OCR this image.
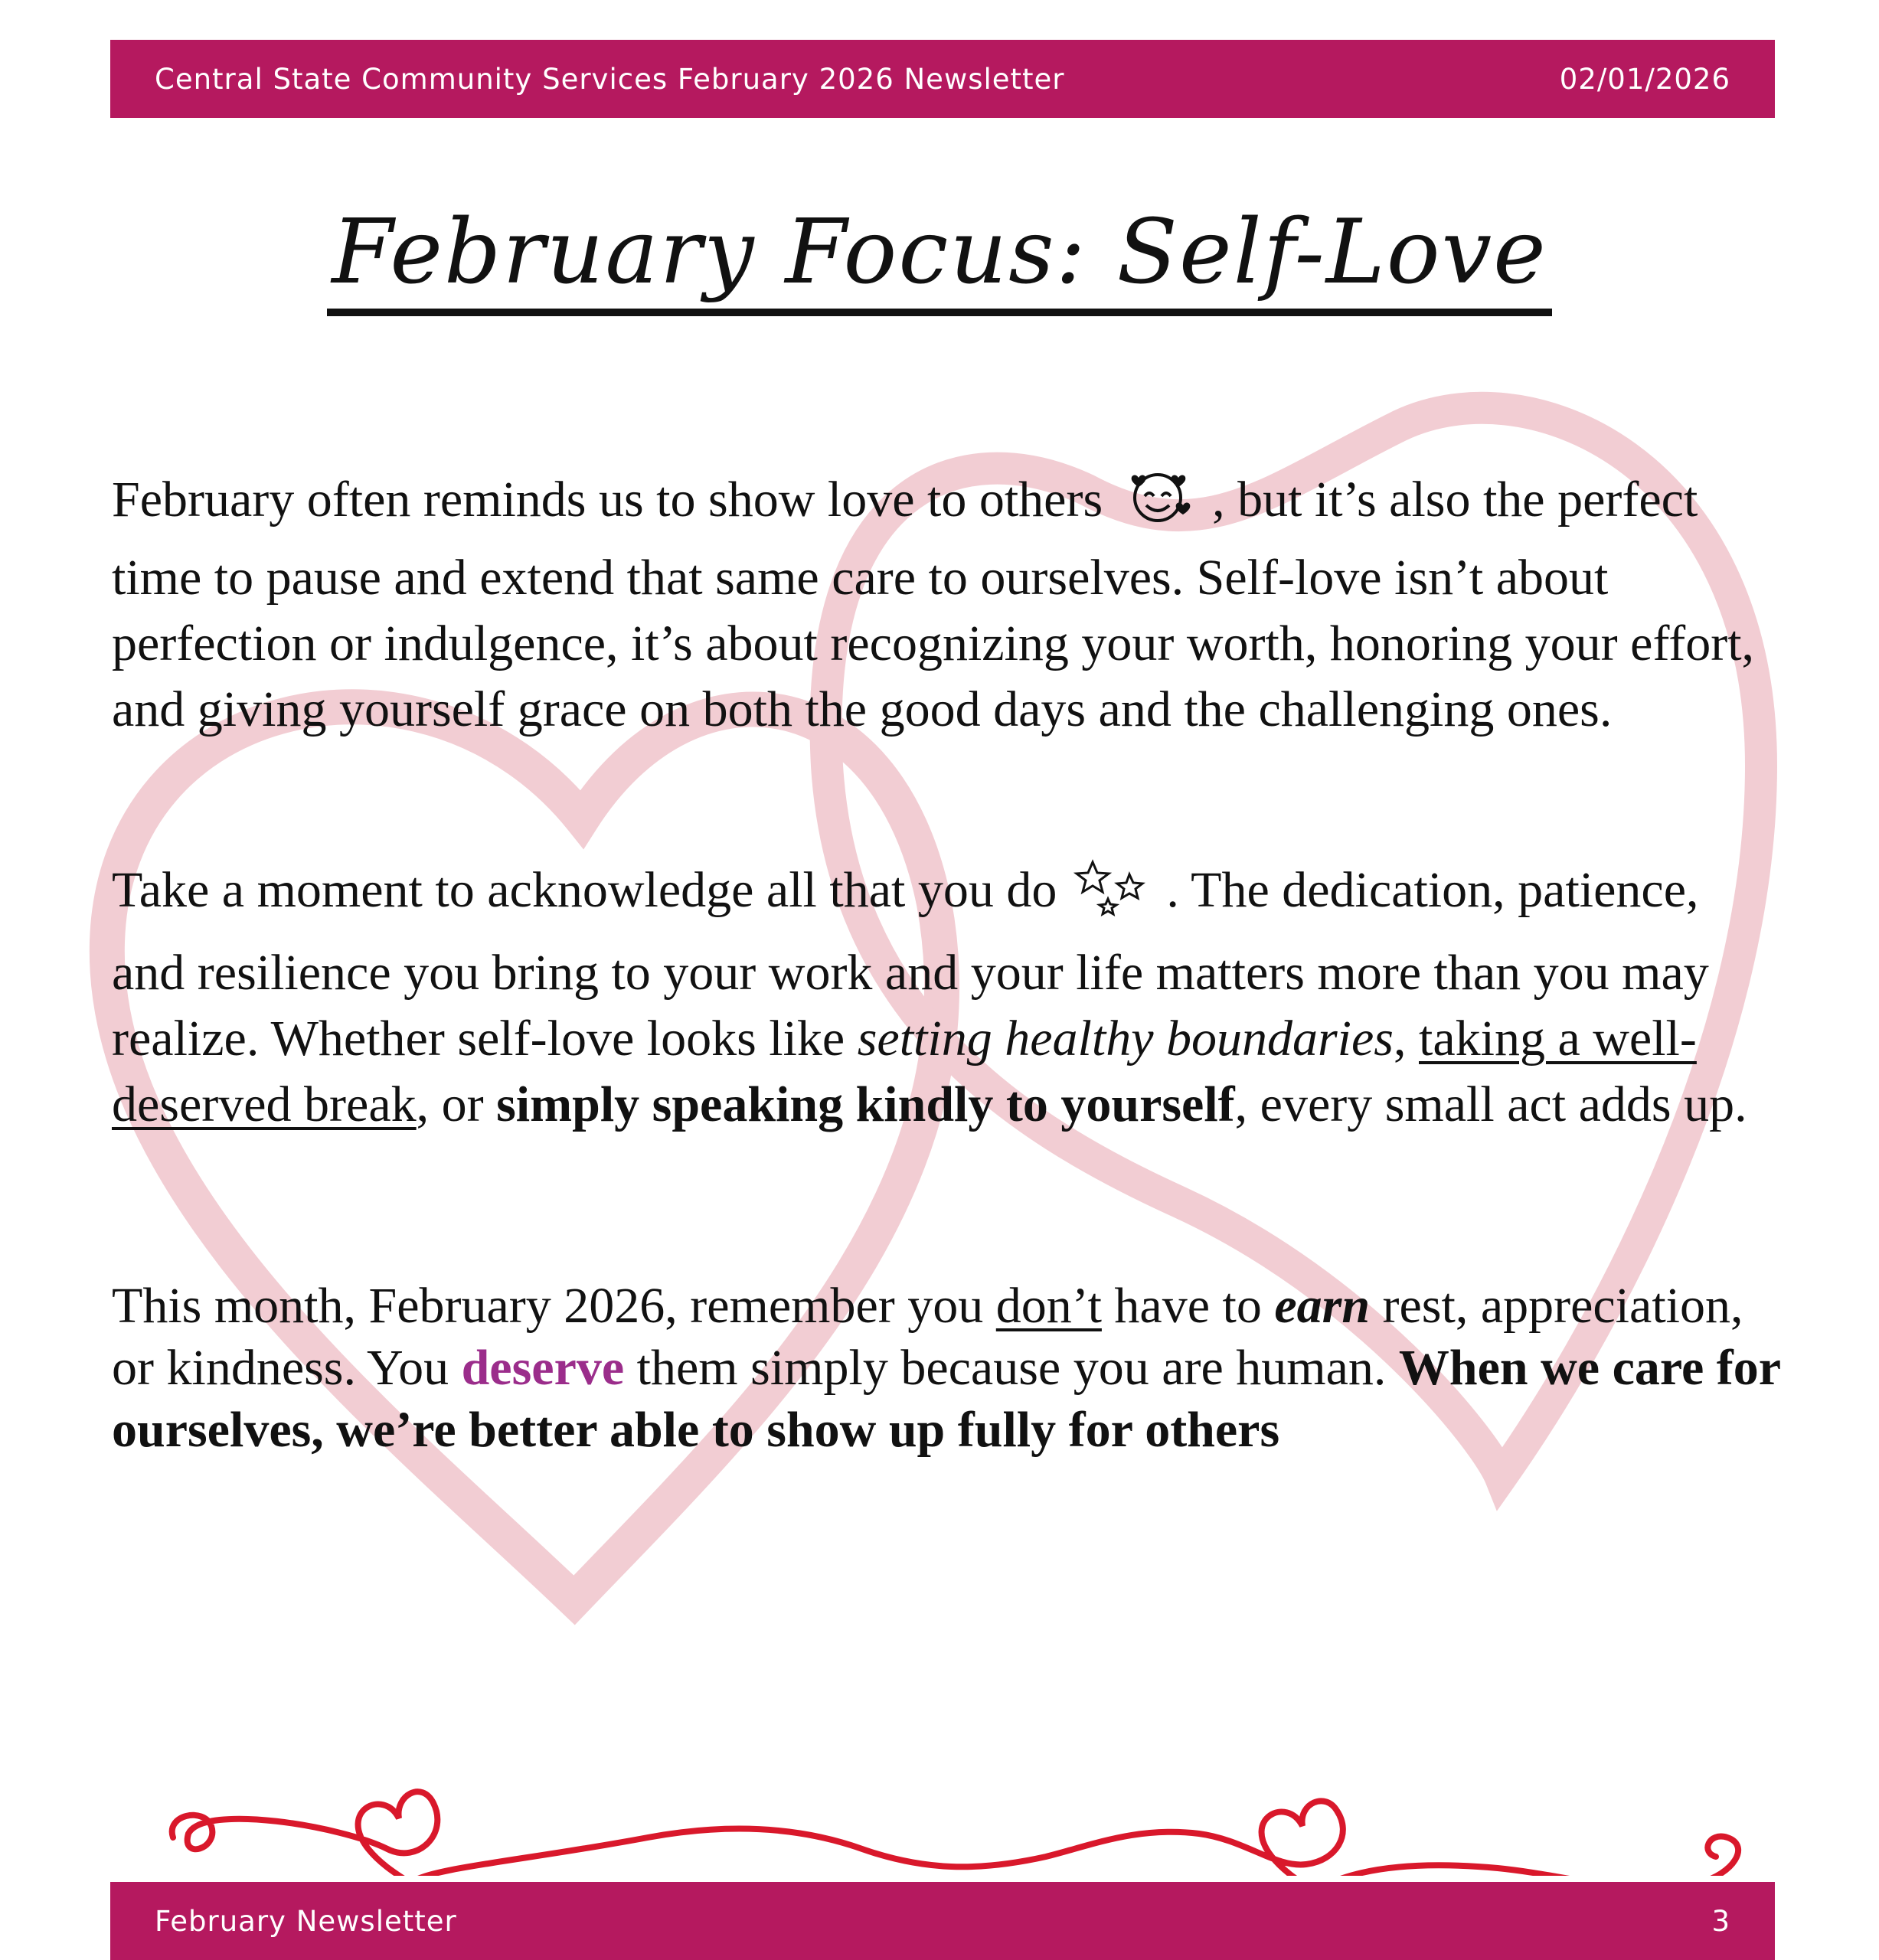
Central State Community Services February 2026 Newsletter	02/01/2026
February Focus: Self-Love
February often reminds us to show love to others , but it’s also the perfect time to pause and extend that same care to ourselves. Self-love isn’t about perfection or indulgence, it’s about recognizing your worth, honoring your effort, and giving yourself grace on both the good days and the challenging ones.
Take a moment to acknowledge all that you do . The dedication, patience, and resilience you bring to your work and your life matters more than you may realize. Whether self-love looks like setting healthy boundaries, taking a well-deserved break, or simply speaking kindly to yourself, every small act adds up.
This month, February 2026, remember you don’t have to earn rest, appreciation, or kindness. You deserve them simply because you are human. When we care for ourselves, we’re better able to show up fully for others
February Newsletter	3
